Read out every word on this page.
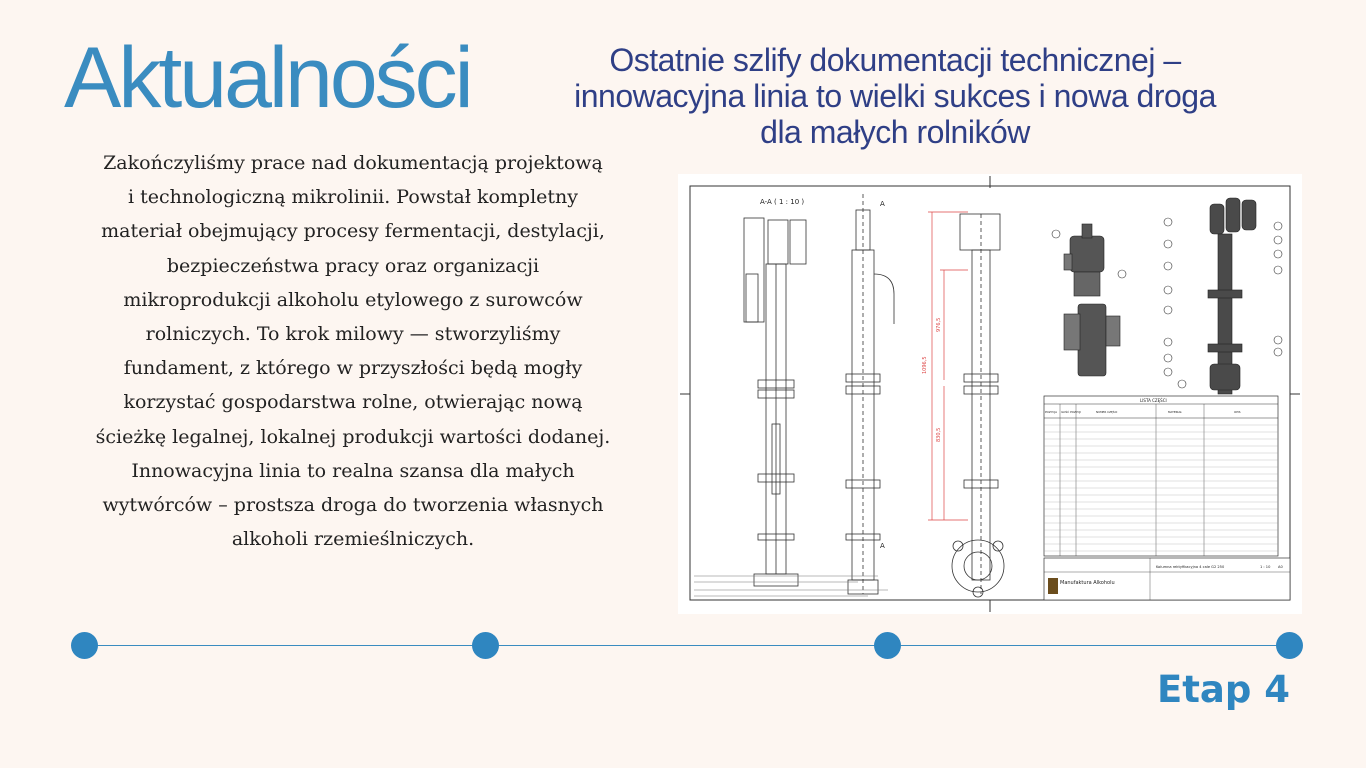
Aktualności	Ostatnie szlify dokumentacji technicznej –
innowacyjna linia to wielki sukces i nowa droga
dla małych rolników
Zakończyliśmy prace nad dokumentacją projektową
i technologiczną mikrolinii. Powstał kompletny
materiał obejmujący procesy fermentacji, destylacji,
bezpieczeństwa pracy oraz organizacji
mikroprodukcji alkoholu etylowego z surowców
rolniczych. To krok milowy — stworzyliśmy
fundament, z którego w przyszłości będą mogły
korzystać gospodarstwa rolne, otwierając nową
ścieżkę legalnej, lokalnej produkcji wartości dodanej.
Innowacyjna linia to realna szansa dla małych
wytwórców – prostsza droga do tworzenia własnych
alkoholi rzemieślniczych.
A-A ( 1 : 10 )	A
A
1096,5
976,5
830,5
LISTA CZĘŚCI
POZYCJA ILOŚĆ POZYCJI	NUMER CZĘŚCI	MATERIAŁ	OPIS
Manufaktura Alkoholu
Kolumna rektyfikacyjna 4 cale G2 250	1 : 10 A0
Etap 4
